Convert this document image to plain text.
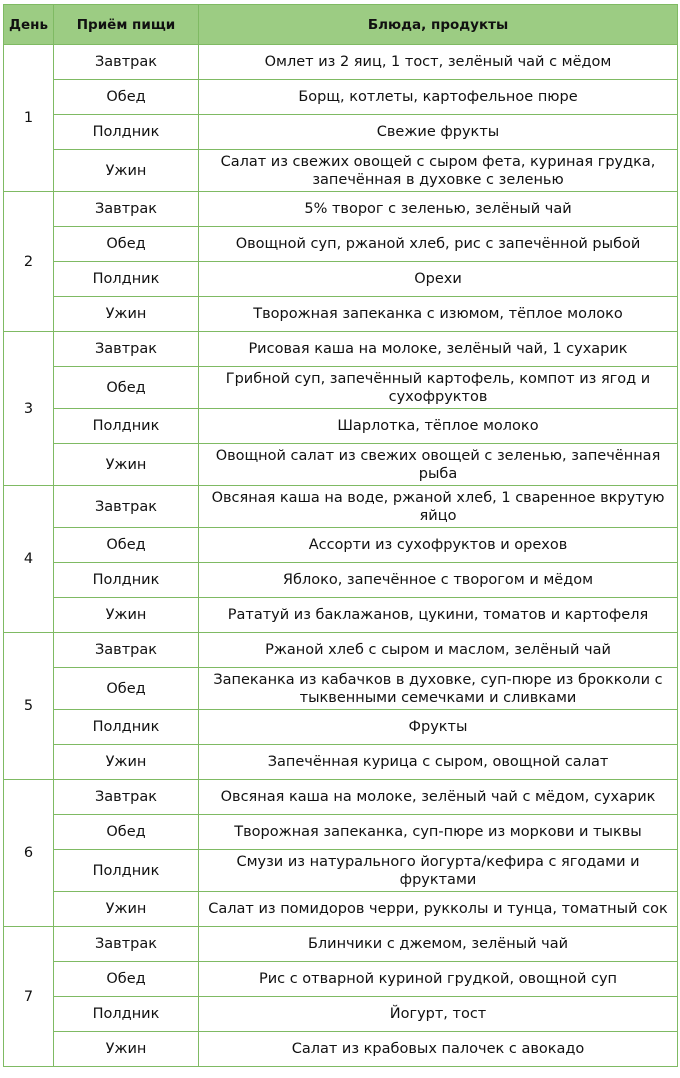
День	Приём пищи	Блюда, продукты
1	Завтрак	Омлет из 2 яиц, 1 тост, зелёный чай с мёдом
	Обед	Борщ, котлеты, картофельное пюре
	Полдник	Свежие фрукты
	Ужин	Салат из свежих овощей с сыром фета, куриная грудка, запечённая в духовке с зеленью
2	Завтрак	5% творог с зеленью, зелёный чай
	Обед	Овощной суп, ржаной хлеб, рис с запечённой рыбой
	Полдник	Орехи
	Ужин	Творожная запеканка с изюмом, тёплое молоко
3	Завтрак	Рисовая каша на молоке, зелёный чай, 1 сухарик
	Обед	Грибной суп, запечённый картофель, компот из ягод и сухофруктов
	Полдник	Шарлотка, тёплое молоко
	Ужин	Овощной салат из свежих овощей с зеленью, запечённая рыба
4	Завтрак	Овсяная каша на воде, ржаной хлеб, 1 сваренное вкрутую яйцо
	Обед	Ассорти из сухофруктов и орехов
	Полдник	Яблоко, запечённое с творогом и мёдом
	Ужин	Рататуй из баклажанов, цукини, томатов и картофеля
5	Завтрак	Ржаной хлеб с сыром и маслом, зелёный чай
	Обед	Запеканка из кабачков в духовке, суп-пюре из брокколи с тыквенными семечками и сливками
	Полдник	Фрукты
	Ужин	Запечённая курица с сыром, овощной салат
6	Завтрак	Овсяная каша на молоке, зелёный чай с мёдом, сухарик
	Обед	Творожная запеканка, суп-пюре из моркови и тыквы
	Полдник	Смузи из натурального йогурта/кефира с ягодами и фруктами
	Ужин	Салат из помидоров черри, рукколы и тунца, томатный сок
7	Завтрак	Блинчики с джемом, зелёный чай
	Обед	Рис с отварной куриной грудкой, овощной суп
	Полдник	Йогурт, тост
	Ужин	Салат из крабовых палочек с авокадо
